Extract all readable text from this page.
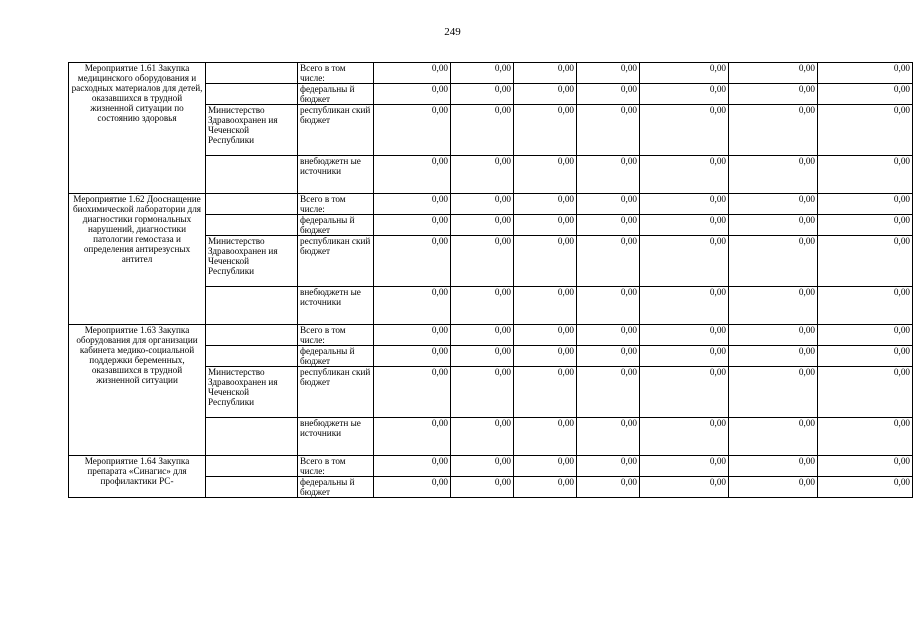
249
Мероприятие 1.61 Закупка медицинского оборудования и расходных материалов для детей, оказавшихся в трудной жизненной ситуации по состоянию здоровья		Всего в том числе:	0,00	0,00	0,00	0,00	0,00	0,00	0,00
		федеральны й бюджет	0,00	0,00	0,00	0,00	0,00	0,00	0,00
	Министерство Здравоохранен ия Чеченской Республики	республикан ский бюджет	0,00	0,00	0,00	0,00	0,00	0,00	0,00
		внебюджетн ые источники	0,00	0,00	0,00	0,00	0,00	0,00	0,00
Мероприятие 1.62 Дооснащение биохимической лаборатории для диагностики гормональных нарушений, диагностики патологии гемостаза и определения антирезусных антител		Всего в том числе:	0,00	0,00	0,00	0,00	0,00	0,00	0,00
		федеральны й бюджет	0,00	0,00	0,00	0,00	0,00	0,00	0,00
	Министерство Здравоохранен ия Чеченской Республики	республикан ский бюджет	0,00	0,00	0,00	0,00	0,00	0,00	0,00
		внебюджетн ые источники	0,00	0,00	0,00	0,00	0,00	0,00	0,00
Мероприятие 1.63 Закупка оборудования для организации кабинета медико-социальной поддержки беременных, оказавшихся в трудной жизненной ситуации		Всего в том числе:	0,00	0,00	0,00	0,00	0,00	0,00	0,00
		федеральны й бюджет	0,00	0,00	0,00	0,00	0,00	0,00	0,00
	Министерство Здравоохранен ия Чеченской Республики	республикан ский бюджет	0,00	0,00	0,00	0,00	0,00	0,00	0,00
		внебюджетн ые источники	0,00	0,00	0,00	0,00	0,00	0,00	0,00
Мероприятие 1.64 Закупка препарата «Синагис» для профилактики РС-		Всего в том числе:	0,00	0,00	0,00	0,00	0,00	0,00	0,00
		федеральны й бюджет	0,00	0,00	0,00	0,00	0,00	0,00	0,00
